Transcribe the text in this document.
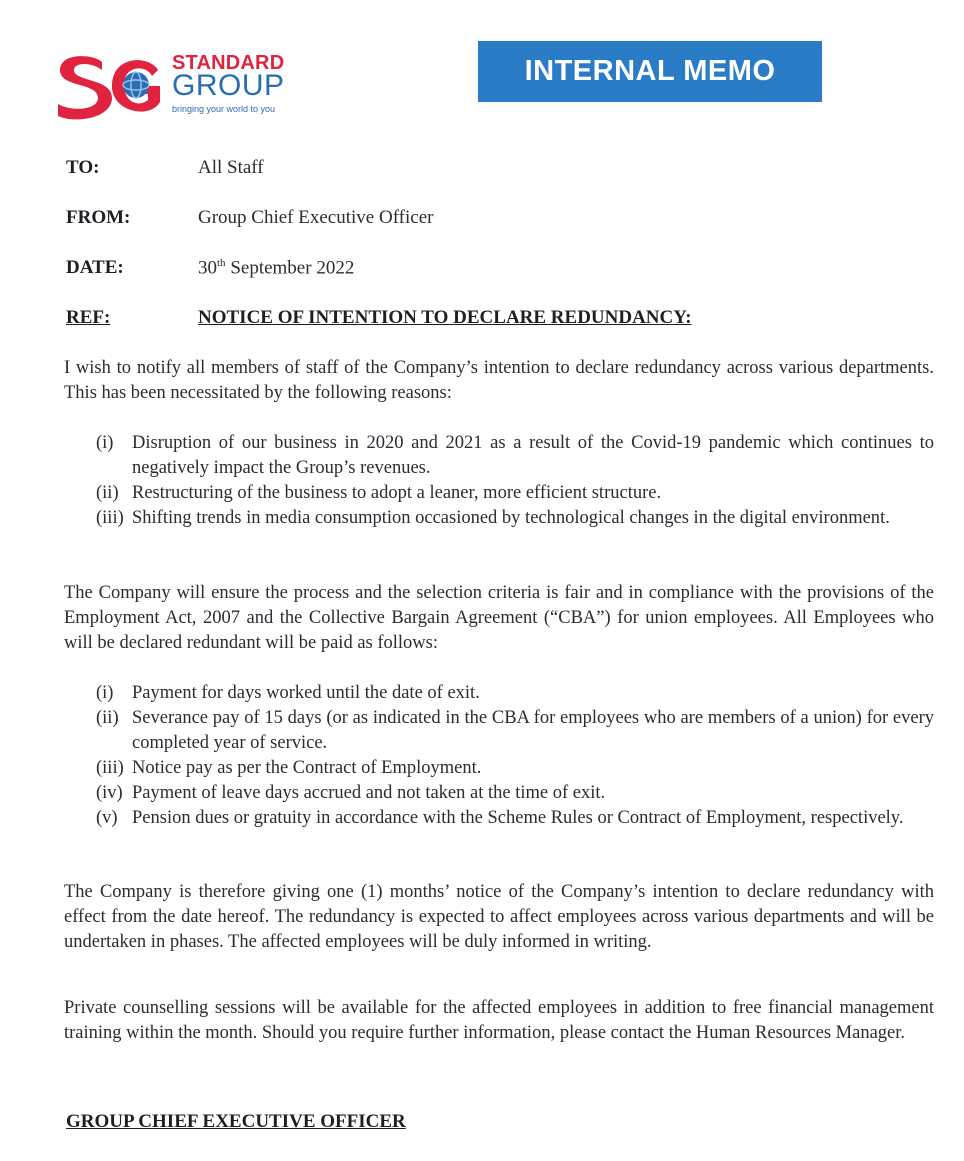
STANDARD
GROUP
bringing your world to you
INTERNAL MEMO
TO:	All Staff
FROM:	Group Chief Executive Officer
DATE:	30th September 2022
REF:	NOTICE OF INTENTION TO DECLARE REDUNDANCY:

I wish to notify all members of staff of the Company’s intention to declare redundancy across various departments. This has been necessitated by the following reasons:

(i) Disruption of our business in 2020 and 2021 as a result of the Covid-19 pandemic which continues to negatively impact the Group’s revenues.
(ii) Restructuring of the business to adopt a leaner, more efficient structure.
(iii) Shifting trends in media consumption occasioned by technological changes in the digital environment.

The Company will ensure the process and the selection criteria is fair and in compliance with the provisions of the Employment Act, 2007 and the Collective Bargain Agreement (“CBA”) for union employees. All Employees who will be declared redundant will be paid as follows:

(i) Payment for days worked until the date of exit.
(ii) Severance pay of 15 days (or as indicated in the CBA for employees who are members of a union) for every completed year of service.
(iii) Notice pay as per the Contract of Employment.
(iv) Payment of leave days accrued and not taken at the time of exit.
(v) Pension dues or gratuity in accordance with the Scheme Rules or Contract of Employment, respectively.

The Company is therefore giving one (1) months’ notice of the Company’s intention to declare redundancy with effect from the date hereof. The redundancy is expected to affect employees across various departments and will be undertaken in phases. The affected employees will be duly informed in writing.

Private counselling sessions will be available for the affected employees in addition to free financial management training within the month. Should you require further information, please contact the Human Resources Manager.

GROUP CHIEF EXECUTIVE OFFICER
